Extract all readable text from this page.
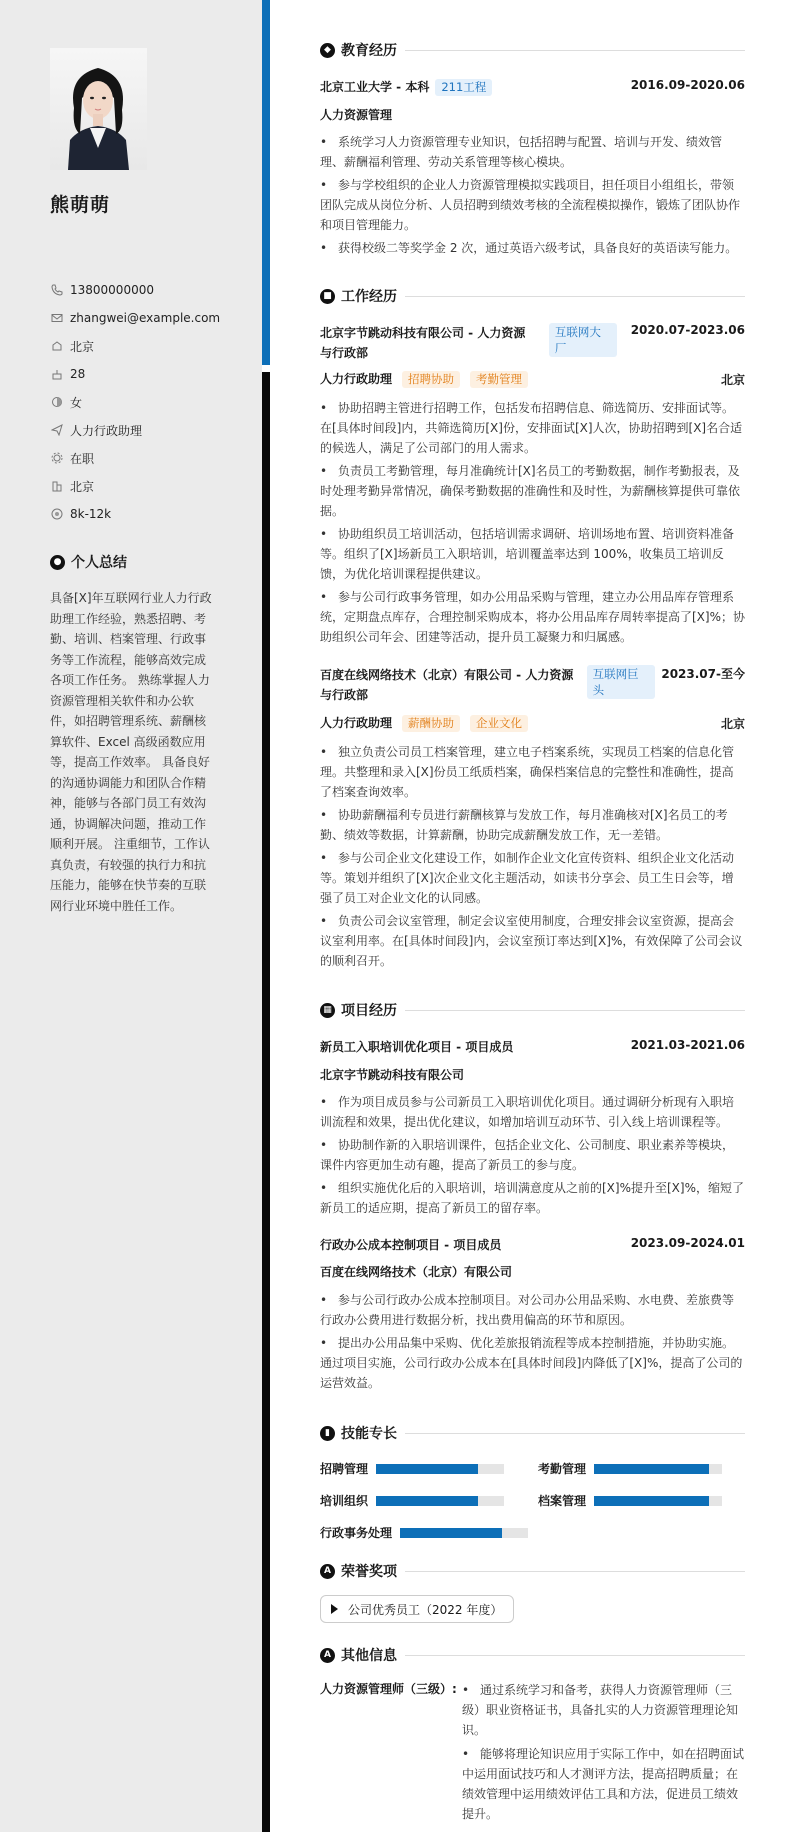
熊萌萌
13800000000
zhangwei@example.com
北京
28
女
人力行政助理
在职
北京
8k-12k
● 个人总结
具备[X]年互联网行业人力行政助理工作经验，熟悉招聘、考勤、培训、档案管理、行政事务等工作流程，能够高效完成各项工作任务。 熟练掌握人力资源管理相关软件和办公软件，如招聘管理系统、薪酬核算软件、Excel 高级函数应用等，提高工作效率。 具备良好的沟通协调能力和团队合作精神，能够与各部门员工有效沟通，协调解决问题，推动工作顺利开展。 注重细节，工作认真负责，有较强的执行力和抗压能力，能够在快节奏的互联网行业环境中胜任工作。
◆ 教育经历
北京工业大学 - 本科 211工程	2016.09-2020.06
人力资源管理
• 系统学习人力资源管理专业知识，包括招聘与配置、培训与开发、绩效管理、薪酬福利管理、劳动关系管理等核心模块。
• 参与学校组织的企业人力资源管理模拟实践项目，担任项目小组组长，带领团队完成从岗位分析、人员招聘到绩效考核的全流程模拟操作，锻炼了团队协作和项目管理能力。
• 获得校级二等奖学金 2 次，通过英语六级考试，具备良好的英语读写能力。
■ 工作经历
北京字节跳动科技有限公司 - 人力资源与行政部
互联网大厂
2020.07-2023.06
人力行政助理 招聘协助 考勤管理	北京
• 协助招聘主管进行招聘工作，包括发布招聘信息、筛选简历、安排面试等。在[具体时间段]内，共筛选简历[X]份，安排面试[X]人次，协助招聘到[X]名合适的候选人，满足了公司部门的用人需求。
• 负责员工考勤管理，每月准确统计[X]名员工的考勤数据，制作考勤报表，及时处理考勤异常情况，确保考勤数据的准确性和及时性，为薪酬核算提供可靠依据。
• 协助组织员工培训活动，包括培训需求调研、培训场地布置、培训资料准备等。组织了[X]场新员工入职培训，培训覆盖率达到 100%，收集员工培训反馈，为优化培训课程提供建议。
• 参与公司行政事务管理，如办公用品采购与管理，建立办公用品库存管理系统，定期盘点库存，合理控制采购成本，将办公用品库存周转率提高了[X]%；协助组织公司年会、团建等活动，提升员工凝聚力和归属感。
百度在线网络技术（北京）有限公司 - 人力资源与行政部
互联网巨头
2023.07-至今
人力行政助理 薪酬协助 企业文化	北京
• 独立负责公司员工档案管理，建立电子档案系统，实现员工档案的信息化管理。共整理和录入[X]份员工纸质档案，确保档案信息的完整性和准确性，提高了档案查询效率。
• 协助薪酬福利专员进行薪酬核算与发放工作，每月准确核对[X]名员工的考勤、绩效等数据，计算薪酬，协助完成薪酬发放工作，无一差错。
• 参与公司企业文化建设工作，如制作企业文化宣传资料、组织企业文化活动等。策划并组织了[X]次企业文化主题活动，如读书分享会、员工生日会等，增强了员工对企业文化的认同感。
• 负责公司会议室管理，制定会议室使用制度，合理安排会议室资源，提高会议室利用率。在[具体时间段]内，会议室预订率达到[X]%，有效保障了公司会议的顺利召开。
▦ 项目经历
新员工入职培训优化项目 - 项目成员	2021.03-2021.06
北京字节跳动科技有限公司
• 作为项目成员参与公司新员工入职培训优化项目。通过调研分析现有入职培训流程和效果，提出优化建议，如增加培训互动环节、引入线上培训课程等。
• 协助制作新的入职培训课件，包括企业文化、公司制度、职业素养等模块，课件内容更加生动有趣，提高了新员工的参与度。
• 组织实施优化后的入职培训，培训满意度从之前的[X]%提升至[X]%，缩短了新员工的适应期，提高了新员工的留存率。
行政办公成本控制项目 - 项目成员	2023.09-2024.01
百度在线网络技术（北京）有限公司
• 参与公司行政办公成本控制项目。对公司办公用品采购、水电费、差旅费等行政办公费用进行数据分析，找出费用偏高的环节和原因。
• 提出办公用品集中采购、优化差旅报销流程等成本控制措施，并协助实施。通过项目实施，公司行政办公成本在[具体时间段]内降低了[X]%，提高了公司的运营效益。
▮ 技能专长
招聘管理	考勤管理
培训组织	档案管理
行政事务处理
A 荣誉奖项
公司优秀员工（2022 年度）
A 其他信息
人力资源管理师（三级）:
•	通过系统学习和备考，获得人力资源管理师（三级）职业资格证书，具备扎实的人力资源管理理论知识。
• 能够将理论知识应用于实际工作中，如在招聘面试中运用面试技巧和人才测评方法，提高招聘质量；在绩效管理中运用绩效评估工具和方法，促进员工绩效提升。
